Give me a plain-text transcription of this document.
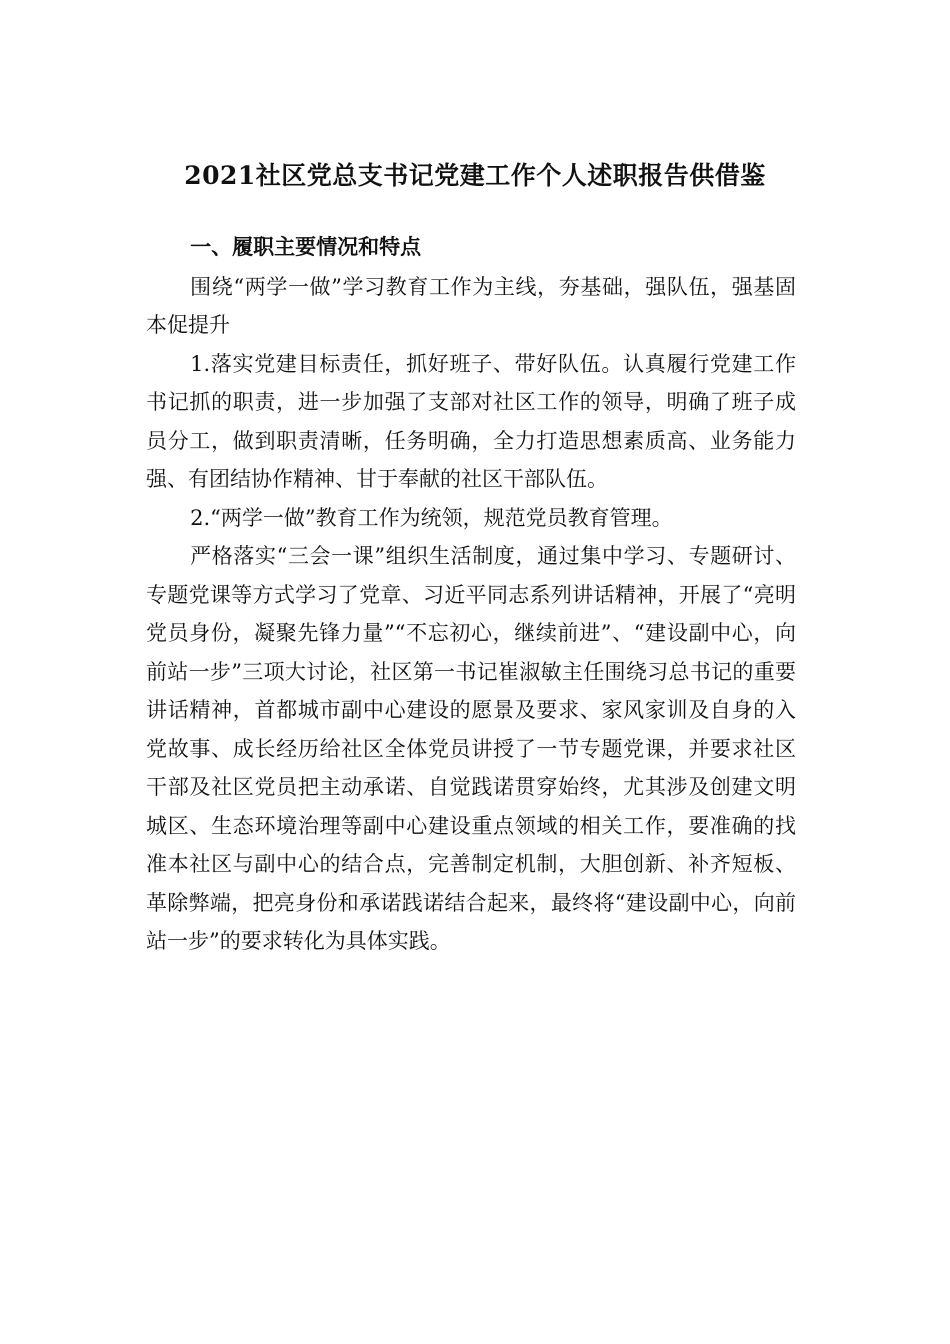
2021社区党总支书记党建工作个人述职报告供借鉴

一、履职主要情况和特点

围绕“两学一做”学习教育工作为主线，夯基础，强队伍，强基固本促提升

1.落实党建目标责任，抓好班子、带好队伍。认真履行党建工作书记抓的职责，进一步加强了支部对社区工作的领导，明确了班子成员分工，做到职责清晰，任务明确，全力打造思想素质高、业务能力强、有团结协作精神、甘于奉献的社区干部队伍。

2.“两学一做”教育工作为统领，规范党员教育管理。

严格落实“三会一课”组织生活制度，通过集中学习、专题研讨、专题党课等方式学习了党章、习近平同志系列讲话精神，开展了“亮明党员身份，凝聚先锋力量”“不忘初心，继续前进”、“建设副中心，向前站一步”三项大讨论，社区第一书记崔淑敏主任围绕习总书记的重要讲话精神，首都城市副中心建设的愿景及要求、家风家训及自身的入党故事、成长经历给社区全体党员讲授了一节专题党课，并要求社区干部及社区党员把主动承诺、自觉践诺贯穿始终，尤其涉及创建文明城区、生态环境治理等副中心建设重点领域的相关工作，要准确的找准本社区与副中心的结合点，完善制定机制，大胆创新、补齐短板、革除弊端，把亮身份和承诺践诺结合起来，最终将“建设副中心，向前站一步”的要求转化为具体实践。
